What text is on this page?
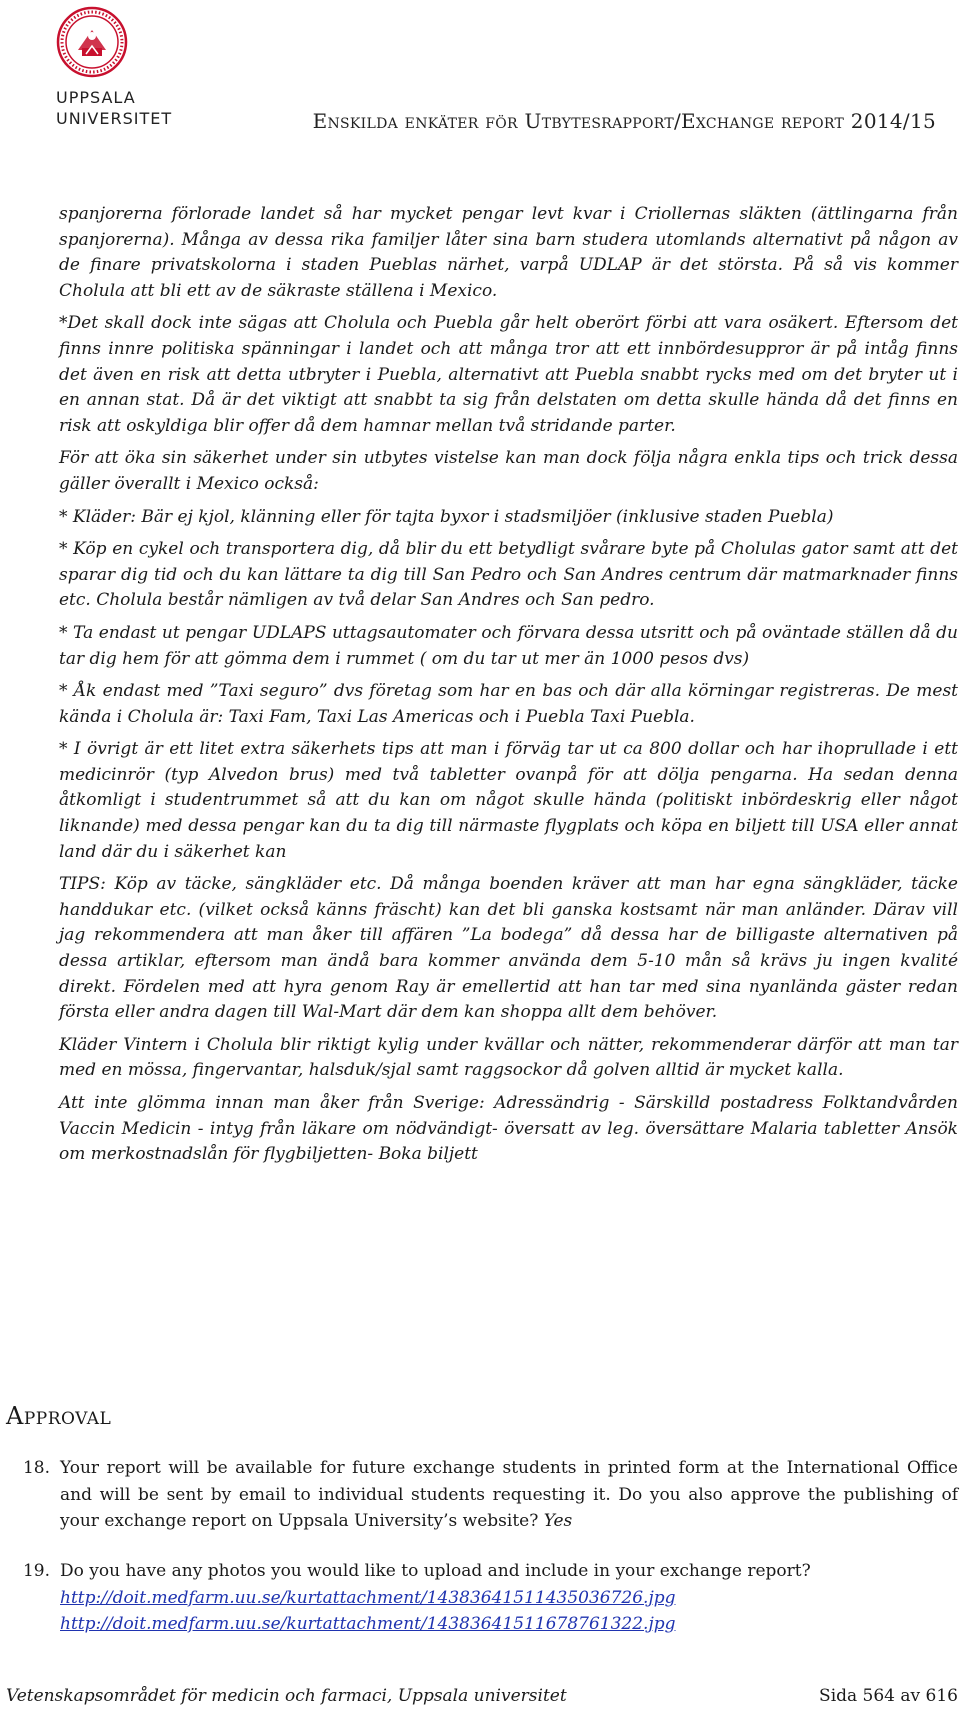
UPPSALA
UNIVERSITET	Enskilda enkäter för Utbytesrapport/Exchange report 2014/15

spanjorerna förlorade landet så har mycket pengar levt kvar i Criollernas släkten (ättlingarna från spanjorerna). Många av dessa rika familjer låter sina barn studera utomlands alternativt på någon av de finare privatskolorna i staden Pueblas närhet, varpå UDLAP är det största. På så vis kommer Cholula att bli ett av de säkraste ställena i Mexico.

*Det skall dock inte sägas att Cholula och Puebla går helt oberört förbi att vara osäkert. Eftersom det finns innre politiska spänningar i landet och att många tror att ett innbördesuppror är på intåg finns det även en risk att detta utbryter i Puebla, alternativt att Puebla snabbt rycks med om det bryter ut i en annan stat. Då är det viktigt att snabbt ta sig från delstaten om detta skulle hända då det finns en risk att oskyldiga blir offer då dem hamnar mellan två stridande parter.

För att öka sin säkerhet under sin utbytes vistelse kan man dock följa några enkla tips och trick dessa gäller överallt i Mexico också:

* Kläder: Bär ej kjol, klänning eller för tajta byxor i stadsmiljöer (inklusive staden Puebla)

* Köp en cykel och transportera dig, då blir du ett betydligt svårare byte på Cholulas gator samt att det sparar dig tid och du kan lättare ta dig till San Pedro och San Andres centrum där matmarknader finns etc. Cholula består nämligen av två delar San Andres och San pedro.

* Ta endast ut pengar UDLAPS uttagsautomater och förvara dessa utsritt och på oväntade ställen då du tar dig hem för att gömma dem i rummet ( om du tar ut mer än 1000 pesos dvs)

* Åk endast med ”Taxi seguro” dvs företag som har en bas och där alla körningar registreras. De mest kända i Cholula är: Taxi Fam, Taxi Las Americas och i Puebla Taxi Puebla.

* I övrigt är ett litet extra säkerhets tips att man i förväg tar ut ca 800 dollar och har ihoprullade i ett medicinrör (typ Alvedon brus) med två tabletter ovanpå för att dölja pengarna. Ha sedan denna åtkomligt i studentrummet så att du kan om något skulle hända (politiskt inbördeskrig eller något liknande) med dessa pengar kan du ta dig till närmaste flygplats och köpa en biljett till USA eller annat land där du i säkerhet kan

TIPS: Köp av täcke, sängkläder etc. Då många boenden kräver att man har egna sängkläder, täcke handdukar etc. (vilket också känns fräscht) kan det bli ganska kostsamt när man anländer. Därav vill jag rekommendera att man åker till affären ”La bodega” då dessa har de billigaste alternativen på dessa artiklar, eftersom man ändå bara kommer använda dem 5-10 mån så krävs ju ingen kvalité direkt. Fördelen med att hyra genom Ray är emellertid att han tar med sina nyanlända gäster redan första eller andra dagen till Wal-Mart där dem kan shoppa allt dem behöver.

Kläder Vintern i Cholula blir riktigt kylig under kvällar och nätter, rekommenderar därför att man tar med en mössa, fingervantar, halsduk/sjal samt raggsockor då golven alltid är mycket kalla.

Att inte glömma innan man åker från Sverige: Adressändrig - Särskilld postadress Folktandvården Vaccin Medicin - intyg från läkare om nödvändigt- översatt av leg. översättare Malaria tabletter Ansök om merkostnadslån för flygbiljetten- Boka biljett

Approval
18. Your report will be available for future exchange students in printed form at the International Office and will be sent by email to individual students requesting it. Do you also approve the publishing of your exchange report on Uppsala University’s website? Yes
19. Do you have any photos you would like to upload and include in your exchange report?
http://doit.medfarm.uu.se/kurtattachment/14383641511435036726.jpg
http://doit.medfarm.uu.se/kurtattachment/14383641511678761322.jpg
Vetenskapsområdet för medicin och farmaci, Uppsala universitet	Sida 564 av 616
